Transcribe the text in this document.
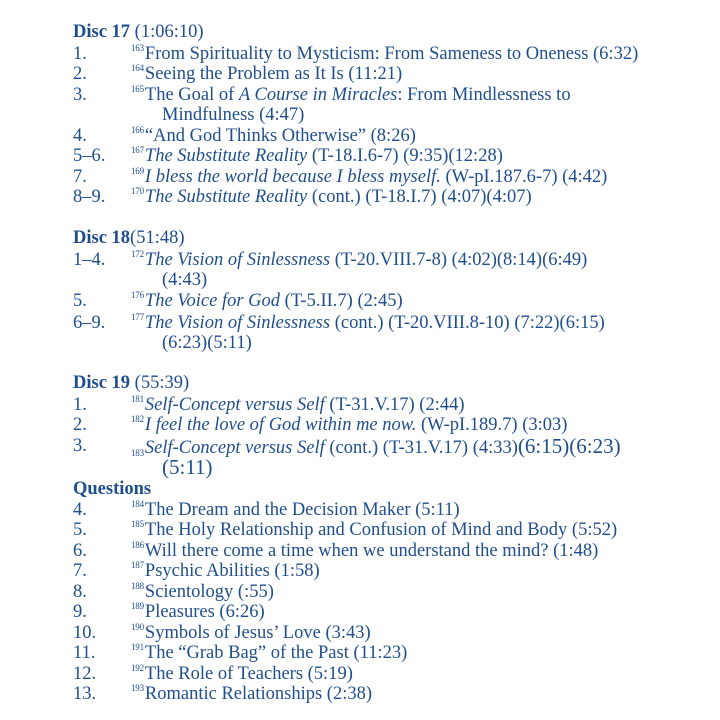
Disc 17 (1:06:10)
1.	$^{163}$From Spirituality to Mysticism: From Sameness to Oneness (6:32)
2.	$^{164}$Seeing the Problem as It Is (11:21)
3.	$^{165}$The Goal of A Course in Miracles: From Mindlessness to
Mindfulness (4:47)
4.	$^{166}$“And God Thinks Otherwise” (8:26)
5–6.	$^{167}$The Substitute Reality (T-18.I.6-7) (9:35)(12:28)
7.	$^{169}$I bless the world because I bless myself. (W-pI.187.6-7) (4:42)
8–9.	$^{170}$The Substitute Reality (cont.) (T-18.I.7) (4:07)(4:07)
Disc 18(51:48)
1–4.	$^{172}$The Vision of Sinlessness (T-20.VIII.7-8) (4:02)(8:14)(6:49)
(4:43)
5.	$^{176}$The Voice for God (T-5.II.7) (2:45)
6–9.	$^{177}$The Vision of Sinlessness (cont.) (T-20.VIII.8-10) (7:22)(6:15)
(6:23)(5:11)
Disc 19 (55:39)
1.	$^{181}$Self-Concept versus Self (T-31.V.17) (2:44)
2.	$^{182}$I feel the love of God within me now. (W-pI.189.7) (3:03)
3.	$^{183}$Self-Concept versus Self (cont.) (T-31.V.17) (4:33)(6:15)(6:23)
(5:11)
Questions
4.	$^{184}$The Dream and the Decision Maker (5:11)
5.	$^{185}$The Holy Relationship and Confusion of Mind and Body (5:52)
6.	$^{186}$Will there come a time when we understand the mind? (1:48)
7.	$^{187}$Psychic Abilities (1:58)
8.	$^{188}$Scientology (:55)
9.	$^{189}$Pleasures (6:26)
10.	$^{190}$Symbols of Jesus’ Love (3:43)
11.	$^{191}$The “Grab Bag” of the Past (11:23)
12.	$^{192}$The Role of Teachers (5:19)
13.	$^{193}$Romantic Relationships (2:38)
